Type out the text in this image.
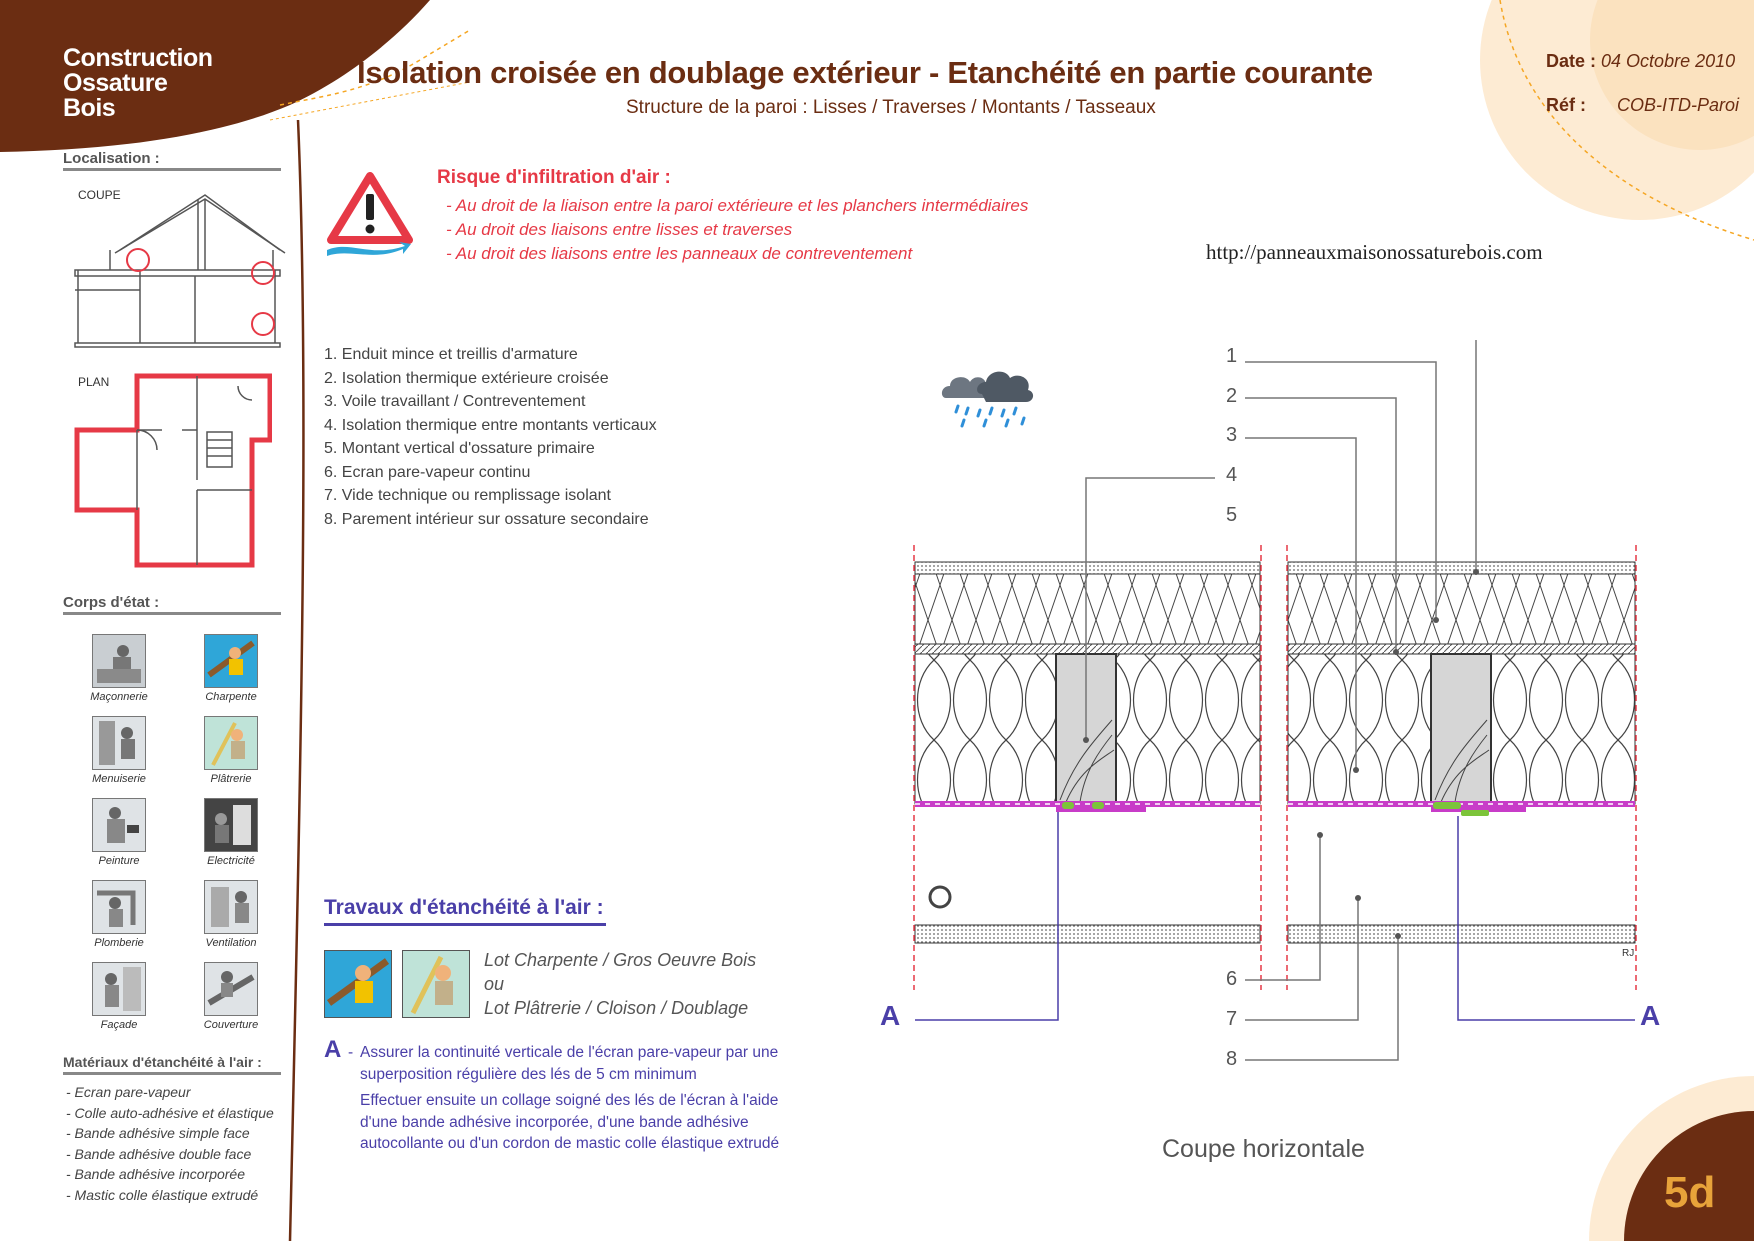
Construction
Ossature
Bois
Isolation croisée en doublage extérieur - Etanchéité en partie courante
Structure de la paroi : Lisses / Traverses / Montants / Tasseaux
Date : 04 Octobre 2010
Réf : COB-ITD-Paroi
Localisation :
COUPE
PLAN
Corps d'état :
Maçonnerie	Charpente
Menuiserie	Plâtrerie
Peinture	Electricité
Plomberie	Ventilation
Façade	Couverture
Matériaux d'étanchéité à l'air :
- Ecran pare-vapeur
- Colle auto-adhésive et élastique
- Bande adhésive simple face
- Bande adhésive double face
- Bande adhésive incorporée
- Mastic colle élastique extrudé
Risque d'infiltration d'air :
- Au droit de la liaison entre la paroi extérieure et les planchers intermédiaires
- Au droit des liaisons entre lisses et traverses
- Au droit des liaisons entre les panneaux de contreventement	http://panneauxmaisonossaturebois.com
1. Enduit mince et treillis d'armature
2. Isolation thermique extérieure croisée
3. Voile travaillant / Contreventement
4. Isolation thermique entre montants verticaux
5. Montant vertical d'ossature primaire
6. Ecran pare-vapeur continu
7. Vide technique ou remplissage isolant
8. Parement intérieur sur ossature secondaire
1
2
3
4
5
6
7
8
A	A
RJ
Coupe horizontale
Travaux d'étanchéité à l'air :
Lot Charpente / Gros Oeuvre Bois
ou
Lot Plâtrerie / Cloison / Doublage
A - Assurer la continuité verticale de l'écran pare-vapeur par une
superposition régulière des lés de 5 cm minimum
Effectuer ensuite un collage soigné des lés de l'écran à l'aide
d'une bande adhésive incorporée, d'une bande adhésive
autocollante ou d'un cordon de mastic colle élastique extrudé
5d
